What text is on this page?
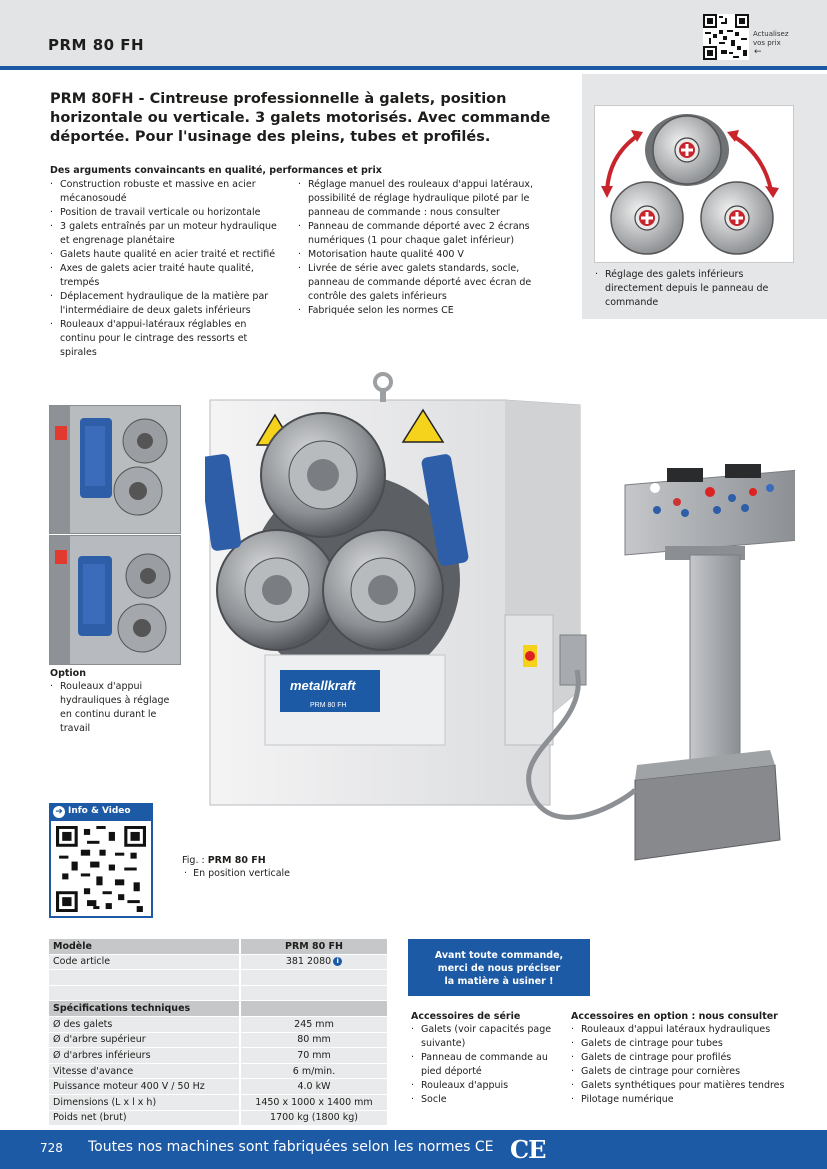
PRM 80 FH
Actualisez vos prix
←
PRM 80FH - Cintreuse professionnelle à galets, position horizontale ou verticale. 3 galets motorisés. Avec commande déportée. Pour l'usinage des pleins, tubes et profilés.
· Réglage des galets inférieurs directement depuis le panneau de commande
Des arguments convaincants en qualité, performances et prix
· Construction robuste et massive en acier mécanosoudé
· Position de travail verticale ou horizontale
· 3 galets entraînés par un moteur hydraulique et engrenage planétaire
· Galets haute qualité en acier traité et rectifié
· Axes de galets acier traité haute qualité, trempés
· Déplacement hydraulique de la matière par l'intermédiaire de deux galets inférieurs
· Rouleaux d'appui-latéraux réglables en continu pour le cintrage des ressorts et spirales
· Réglage manuel des rouleaux d'appui latéraux, possibilité de réglage hydraulique piloté par le panneau de commande : nous consulter
· Panneau de commande déporté avec 2 écrans numériques (1 pour chaque galet inférieur)
· Motorisation haute qualité 400 V
· Livrée de série avec galets standards, socle, panneau de commande déporté avec écran de contrôle des galets inférieurs
· Fabriquée selon les normes CE
Option
· Rouleaux d'appui hydrauliques à réglage en continu durant le travail
metallkraft
PRM 80 FH
➜ Info & Video
Fig. : PRM 80 FH
·  En position verticale
Modèle	PRM 80 FH
Code article	381 2080 i

Spécifications techniques	
Ø des galets	245 mm
Ø d'arbre supérieur	80 mm
Ø d'arbres inférieurs	70 mm
Vitesse d'avance	6 m/min.
Puissance moteur 400 V / 50 Hz	4.0 kW
Dimensions (L x l x h)	1450 x 1000 x 1400 mm
Poids net (brut)	1700 kg (1800 kg)
Avant toute commande,
merci de nous préciser
la matière à usiner !
Accessoires de série
· Galets (voir capacités page suivante)
· Panneau de commande au pied déporté
· Rouleaux d'appuis
· Socle
Accessoires en option : nous consulter
· Rouleaux d'appui latéraux hydrauliques
· Galets de cintrage pour tubes
· Galets de cintrage pour profilés
· Galets de cintrage pour cornières
· Galets synthétiques pour matières tendres
· Pilotage numérique
728 Toutes nos machines sont fabriquées selon les normes CE CE
